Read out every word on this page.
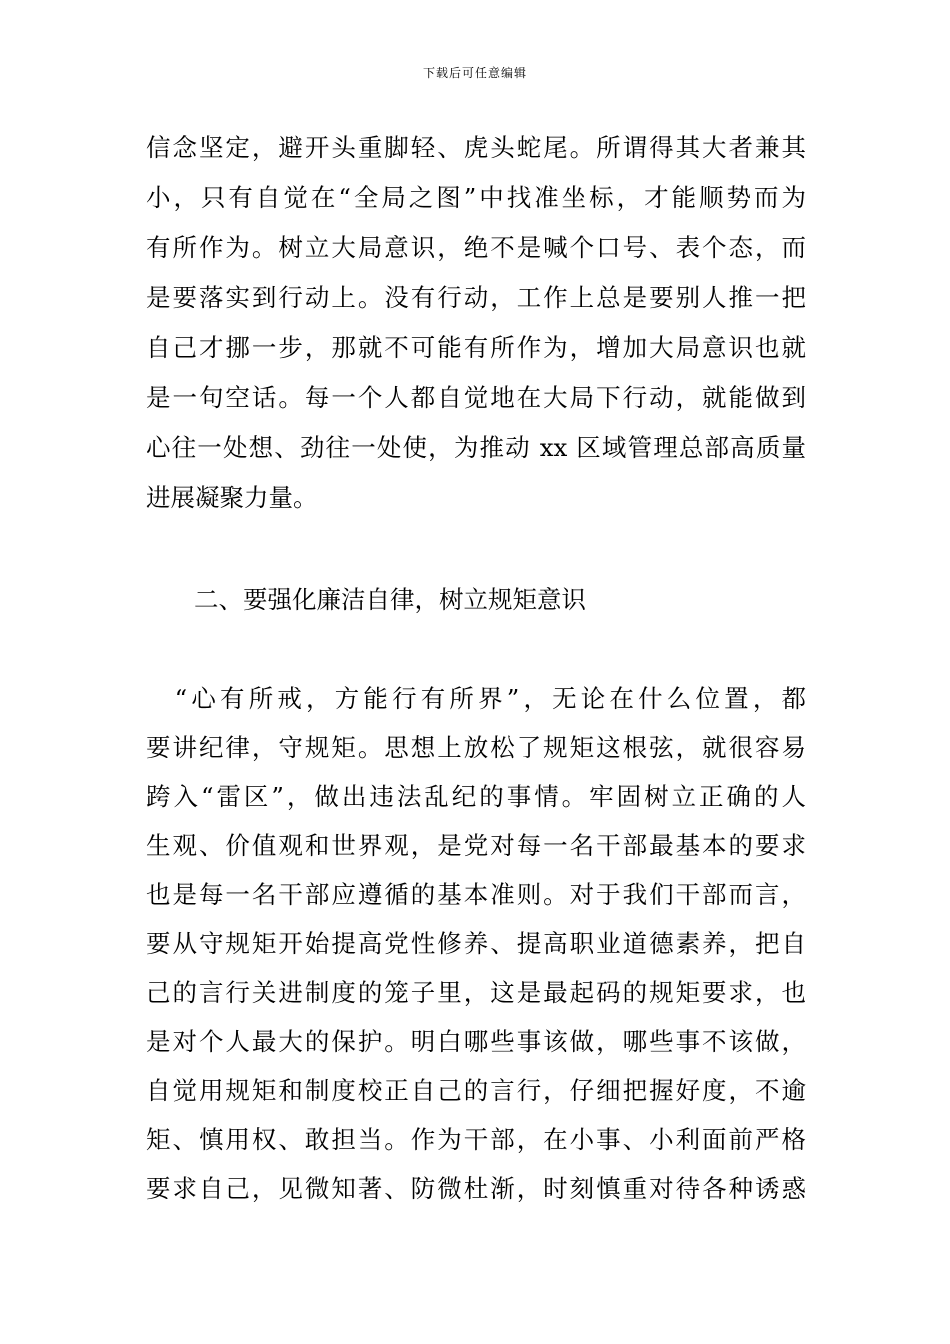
下载后可任意编辑
信念坚定，避开头重脚轻、虎头蛇尾。所谓得其大者兼其
小，只有自觉在“全局之图”中找准坐标，才能顺势而为
有所作为。树立大局意识，绝不是喊个口号、表个态，而
是要落实到行动上。没有行动，工作上总是要别人推一把
自己才挪一步，那就不可能有所作为，增加大局意识也就
是一句空话。每一个人都自觉地在大局下行动，就能做到
心往一处想、劲往一处使，为推动 xx 区域管理总部高质量
进展凝聚力量。
二、要强化廉洁自律，树立规矩意识
　“心有所戒，方能行有所界”，无论在什么位置，都
要讲纪律，守规矩。思想上放松了规矩这根弦，就很容易
跨入“雷区”，做出违法乱纪的事情。牢固树立正确的人
生观、价值观和世界观，是党对每一名干部最基本的要求
也是每一名干部应遵循的基本准则。对于我们干部而言，
要从守规矩开始提高党性修养、提高职业道德素养，把自
己的言行关进制度的笼子里，这是最起码的规矩要求，也
是对个人最大的保护。明白哪些事该做，哪些事不该做，
自觉用规矩和制度校正自己的言行，仔细把握好度，不逾
矩、慎用权、敢担当。作为干部，在小事、小利面前严格
要求自己，见微知著、防微杜渐，时刻慎重对待各种诱惑
